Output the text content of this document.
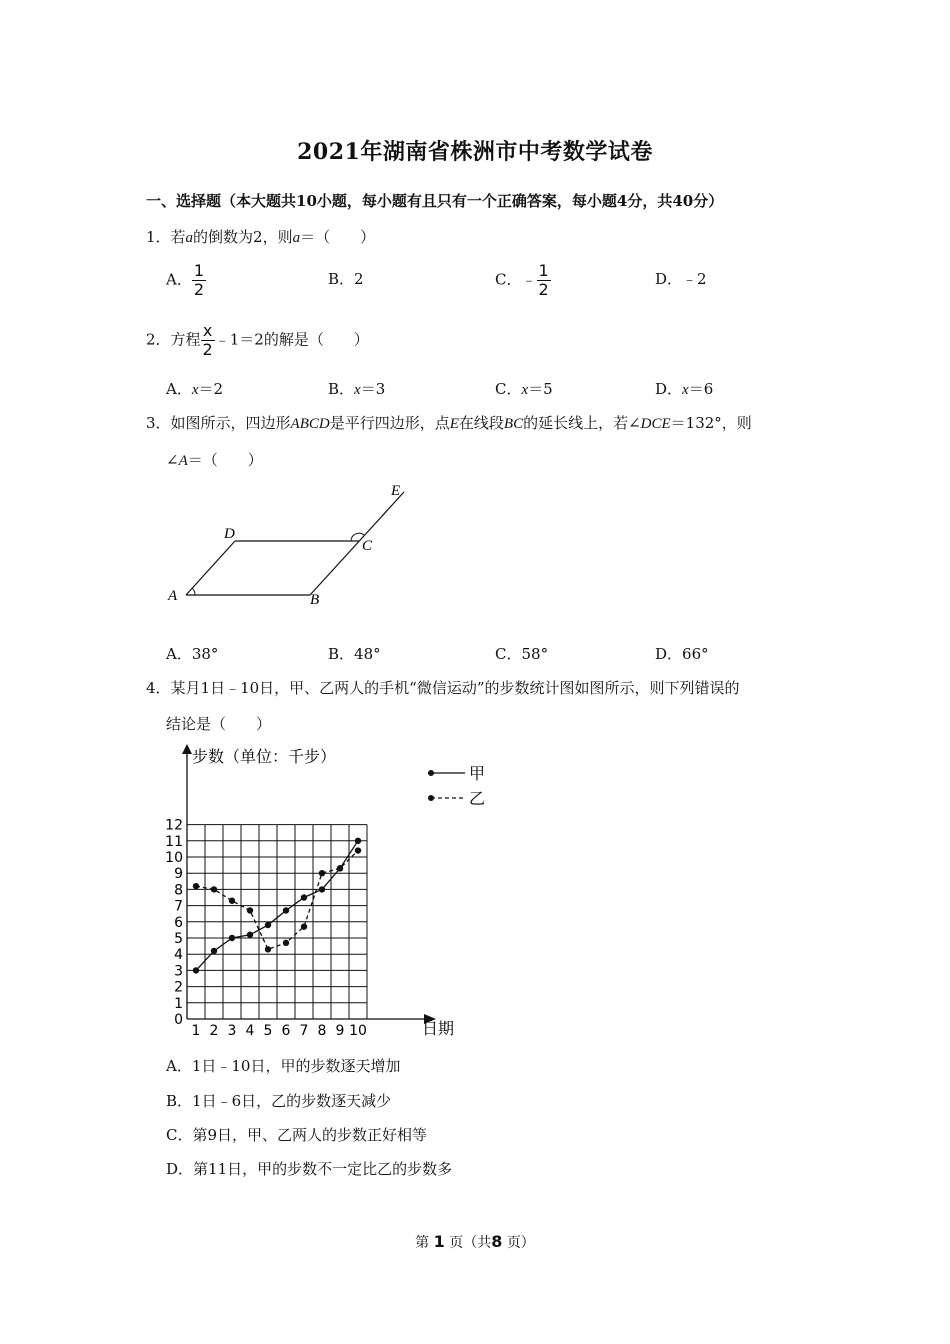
2021年湖南省株洲市中考数学试卷
一、选择题（本大题共10小题，每小题有且只有一个正确答案，每小题4分，共40分）
1．若a的倒数为2，则a＝（　　）
A． $\frac{1}{2}$	B．2	C．﹣ $\frac{1}{2}$	D．﹣2
2．方程 $\frac{x}{2}$ ﹣1＝2的解是（　　）
A．x＝2	B．x＝3	C．x＝5	D．x＝6
3．如图所示，四边形ABCD是平行四边形，点E在线段BC的延长线上，若∠DCE＝132°，则
∠A＝（　　）
A	B
C
D
E
A．38°	B．48°	C．58°	D．66°
4．某月1日﹣10日，甲、乙两人的手机“微信运动”的步数统计图如图所示，则下列错误的
结论是（　　）
0
1
2
3
4
5
6
7
8
9
10
11
12
1 2 3 4 5 6 7 8 9 10
甲
乙
步数（单位：千步）
日期
A．1日﹣10日，甲的步数逐天增加
B．1日﹣6日，乙的步数逐天减少
C．第9日，甲、乙两人的步数正好相等
D．第11日，甲的步数不一定比乙的步数多
第 1 页（共8 页）
